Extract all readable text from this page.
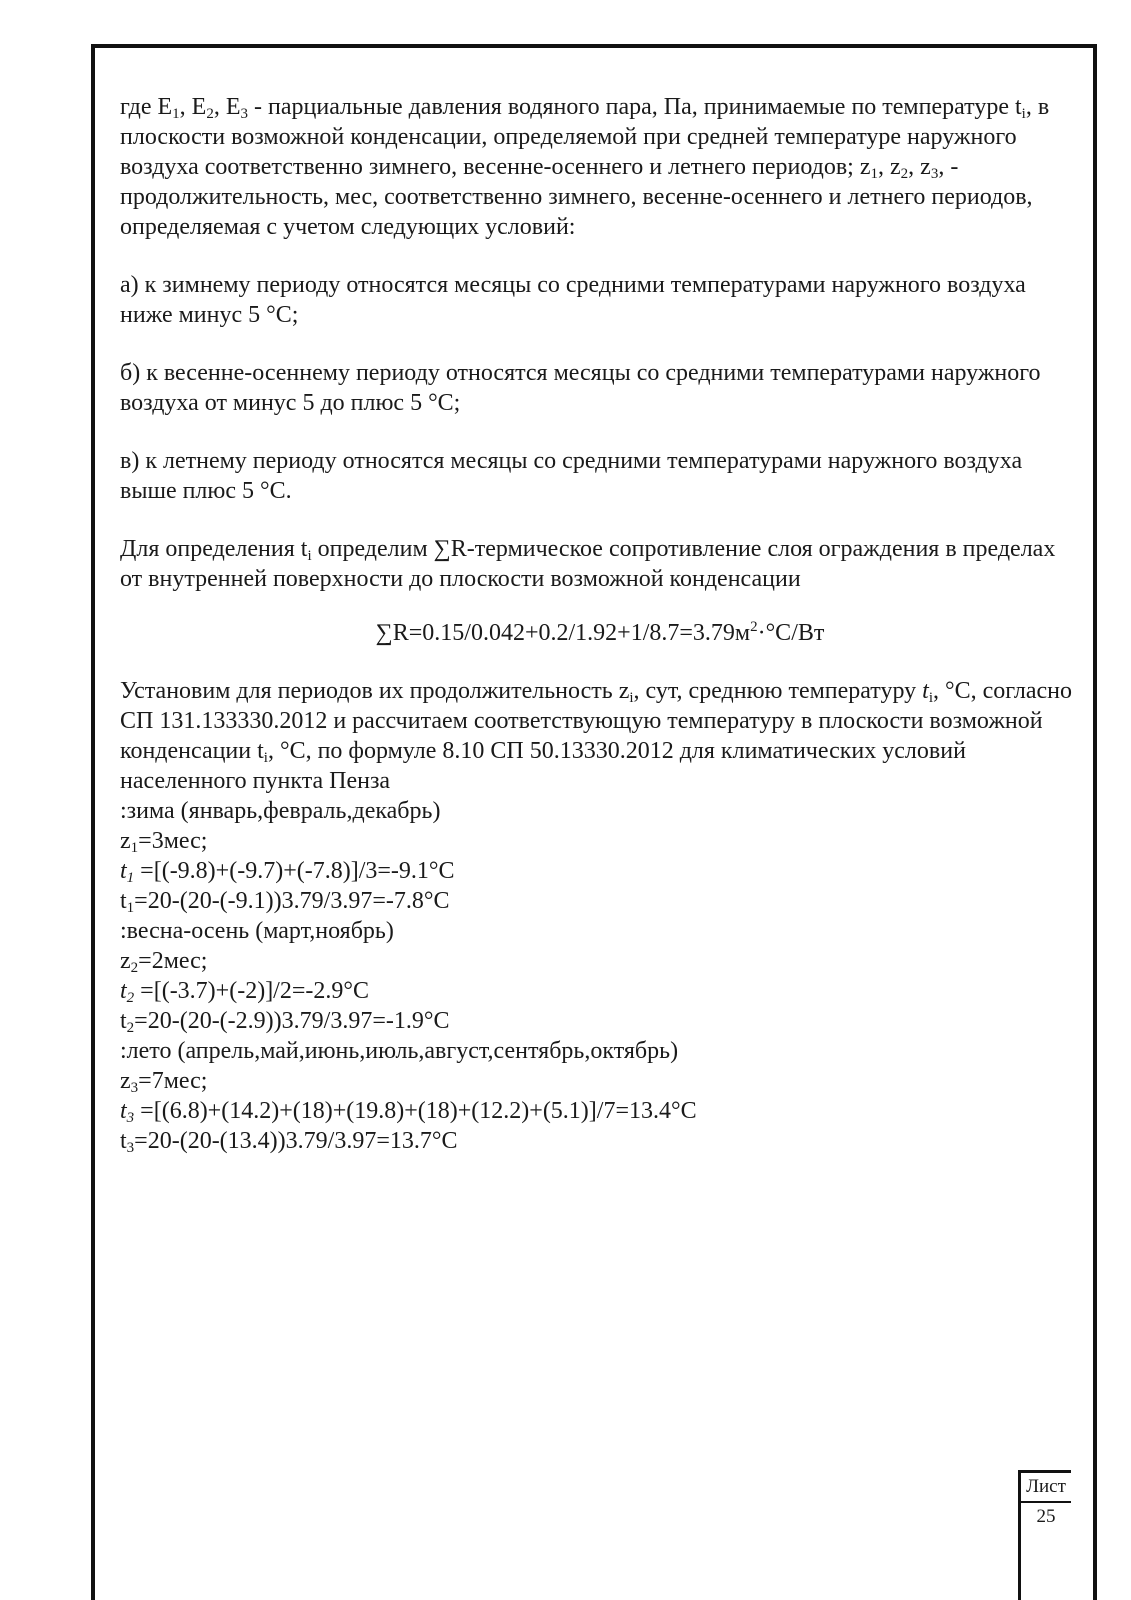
где $E_1$, $E_2$, $E_3$ - парциальные давления водяного пара, Па, принимаемые по температуре $t_i$, в плоскости возможной конденсации, определяемой при средней температуре наружного воздуха соответственно зимнего, весенне-осеннего и летнего периодов; $z_1$, $z_2$, $z_3$, - продолжительность, мес, соответственно зимнего, весенне-осеннего и летнего периодов, определяемая с учетом следующих условий:

а) к зимнему периоду относятся месяцы со средними температурами наружного воздуха ниже минус 5 °С;

б) к весенне-осеннему периоду относятся месяцы со средними температурами наружного воздуха от минус 5 до плюс 5 °С;

в) к летнему периоду относятся месяцы со средними температурами наружного воздуха выше плюс 5 °С.

Для определения $t_i$ определим ∑R-термическое сопротивление слоя ограждения в пределах от внутренней поверхности до плоскости возможной конденсации

$\sum R=0.15/0.042+0.2/1.92+1/8.7=3.79м^2\cdot^\circ С/Вт$

Установим для периодов их продолжительность $z_i$, сут, среднюю температуру $t_i$, °С, согласно СП 131.133330.2012 и рассчитаем соответствующую температуру в плоскости возможной конденсации $t_i$, °С, по формуле 8.10 СП 50.13330.2012 для климатических условий населенного пункта Пенза

:зима (январь,февраль,декабрь)

$z_1=3мес$;

$t_1 =[(-9.8)+(-9.7)+(-7.8)]/3=-9.1^\circ С$

$t_1=20-(20-(-9.1))3.79/3.97=-7.8^\circ С$

:весна-осень (март,ноябрь)

$z_2=2мес$;

$t_2 =[(-3.7)+(-2)]/2=-2.9^\circ С$

$t_2=20-(20-(-2.9))3.79/3.97=-1.9^\circ С$

:лето (апрель,май,июнь,июль,август,сентябрь,октябрь)

$z_3=7мес$;

$t_3 =[(6.8)+(14.2)+(18)+(19.8)+(18)+(12.2)+(5.1)]/7=13.4^\circ С$

$t_3=20-(20-(13.4))3.79/3.97=13.7^\circ С$

Лист
25
